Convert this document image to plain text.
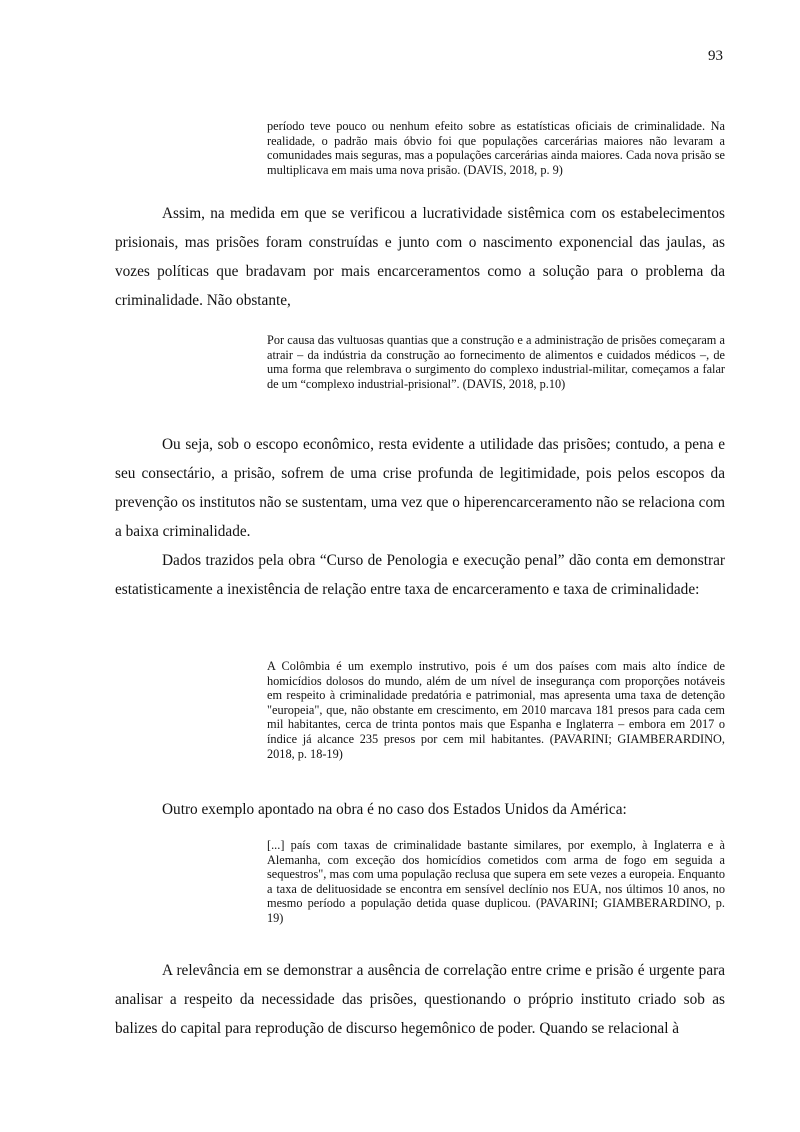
93

período teve pouco ou nenhum efeito sobre as estatísticas oficiais de criminalidade. Na realidade, o padrão mais óbvio foi que populações carcerárias maiores não levaram a comunidades mais seguras, mas a populações carcerárias ainda maiores. Cada nova prisão se multiplicava em mais uma nova prisão. (DAVIS, 2018, p. 9)

Assim, na medida em que se verificou a lucratividade sistêmica com os estabelecimentos prisionais, mas prisões foram construídas e junto com o nascimento exponencial das jaulas, as vozes políticas que bradavam por mais encarceramentos como a solução para o problema da criminalidade. Não obstante,

Por causa das vultuosas quantias que a construção e a administração de prisões começaram a atrair – da indústria da construção ao fornecimento de alimentos e cuidados médicos –, de uma forma que relembrava o surgimento do complexo industrial-militar, começamos a falar de um “complexo industrial-prisional”. (DAVIS, 2018, p.10)

Ou seja, sob o escopo econômico, resta evidente a utilidade das prisões; contudo, a pena e seu consectário, a prisão, sofrem de uma crise profunda de legitimidade, pois pelos escopos da prevenção os institutos não se sustentam, uma vez que o hiperencarceramento não se relaciona com a baixa criminalidade.

Dados trazidos pela obra “Curso de Penologia e execução penal” dão conta em demonstrar estatisticamente a inexistência de relação entre taxa de encarceramento e taxa de criminalidade:

A Colômbia é um exemplo instrutivo, pois é um dos países com mais alto índice de homicídios dolosos do mundo, além de um nível de insegurança com proporções notáveis em respeito à criminalidade predatória e patrimonial, mas apresenta uma taxa de detenção "europeia", que, não obstante em crescimento, em 2010 marcava 181 presos para cada cem mil habitantes, cerca de trinta pontos mais que Espanha e Inglaterra – embora em 2017 o índice já alcance 235 presos por cem mil habitantes. (PAVARINI; GIAMBERARDINO, 2018, p. 18-19)

Outro exemplo apontado na obra é no caso dos Estados Unidos da América:

[...] país com taxas de criminalidade bastante similares, por exemplo, à Inglaterra e à Alemanha, com exceção dos homicídios cometidos com arma de fogo em seguida a sequestros", mas com uma população reclusa que supera em sete vezes a europeia. Enquanto a taxa de delituosidade se encontra em sensível declínio nos EUA, nos últimos 10 anos, no mesmo período a população detida quase duplicou. (PAVARINI; GIAMBERARDINO, p. 19)

A relevância em se demonstrar a ausência de correlação entre crime e prisão é urgente para analisar a respeito da necessidade das prisões, questionando o próprio instituto criado sob as balizes do capital para reprodução de discurso hegemônico de poder. Quando se relacional à
